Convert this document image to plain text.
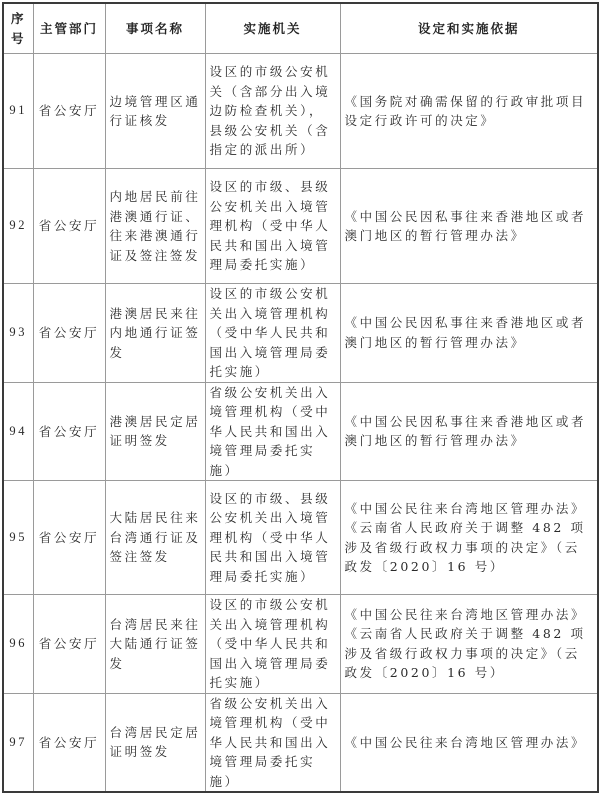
序号	主管部门	事项名称	实施机关	设定和实施依据
91	省公安厅	边境管理区通行证核发	设区的市级公安机关（含部分出入境边防检查机关），县级公安机关（含指定的派出所）	《国务院对确需保留的行政审批项目设定行政许可的决定》

92	省公安厅	内地居民前往港澳通行证、往来港澳通行证及签注签发	设区的市级、县级公安机关出入境管理机构（受中华人民共和国出入境管理局委托实施）	《中国公民因私事往来香港地区或者澳门地区的暂行管理办法》

93	省公安厅	港澳居民来往内地通行证签发	设区的市级公安机关出入境管理机构（受中华人民共和国出入境管理局委托实施）	《中国公民因私事往来香港地区或者澳门地区的暂行管理办法》

94	省公安厅	港澳居民定居证明签发	省级公安机关出入境管理机构（受中华人民共和国出入境管理局委托实施）	《中国公民因私事往来香港地区或者澳门地区的暂行管理办法》

95	省公安厅	大陆居民往来台湾通行证及签注签发	设区的市级、县级公安机关出入境管理机构（受中华人民共和国出入境管理局委托实施）	《中国公民往来台湾地区管理办法》
《云南省人民政府关于调整 482 项涉及省级行政权力事项的决定》（云政发〔2020〕16 号）

96	省公安厅	台湾居民来往大陆通行证签发	设区的市级公安机关出入境管理机构（受中华人民共和国出入境管理局委托实施）	《中国公民往来台湾地区管理办法》
《云南省人民政府关于调整 482 项涉及省级行政权力事项的决定》（云政发〔2020〕16 号）

97	省公安厅	台湾居民定居证明签发	省级公安机关出入境管理机构（受中华人民共和国出入境管理局委托实施）	《中国公民往来台湾地区管理办法》
